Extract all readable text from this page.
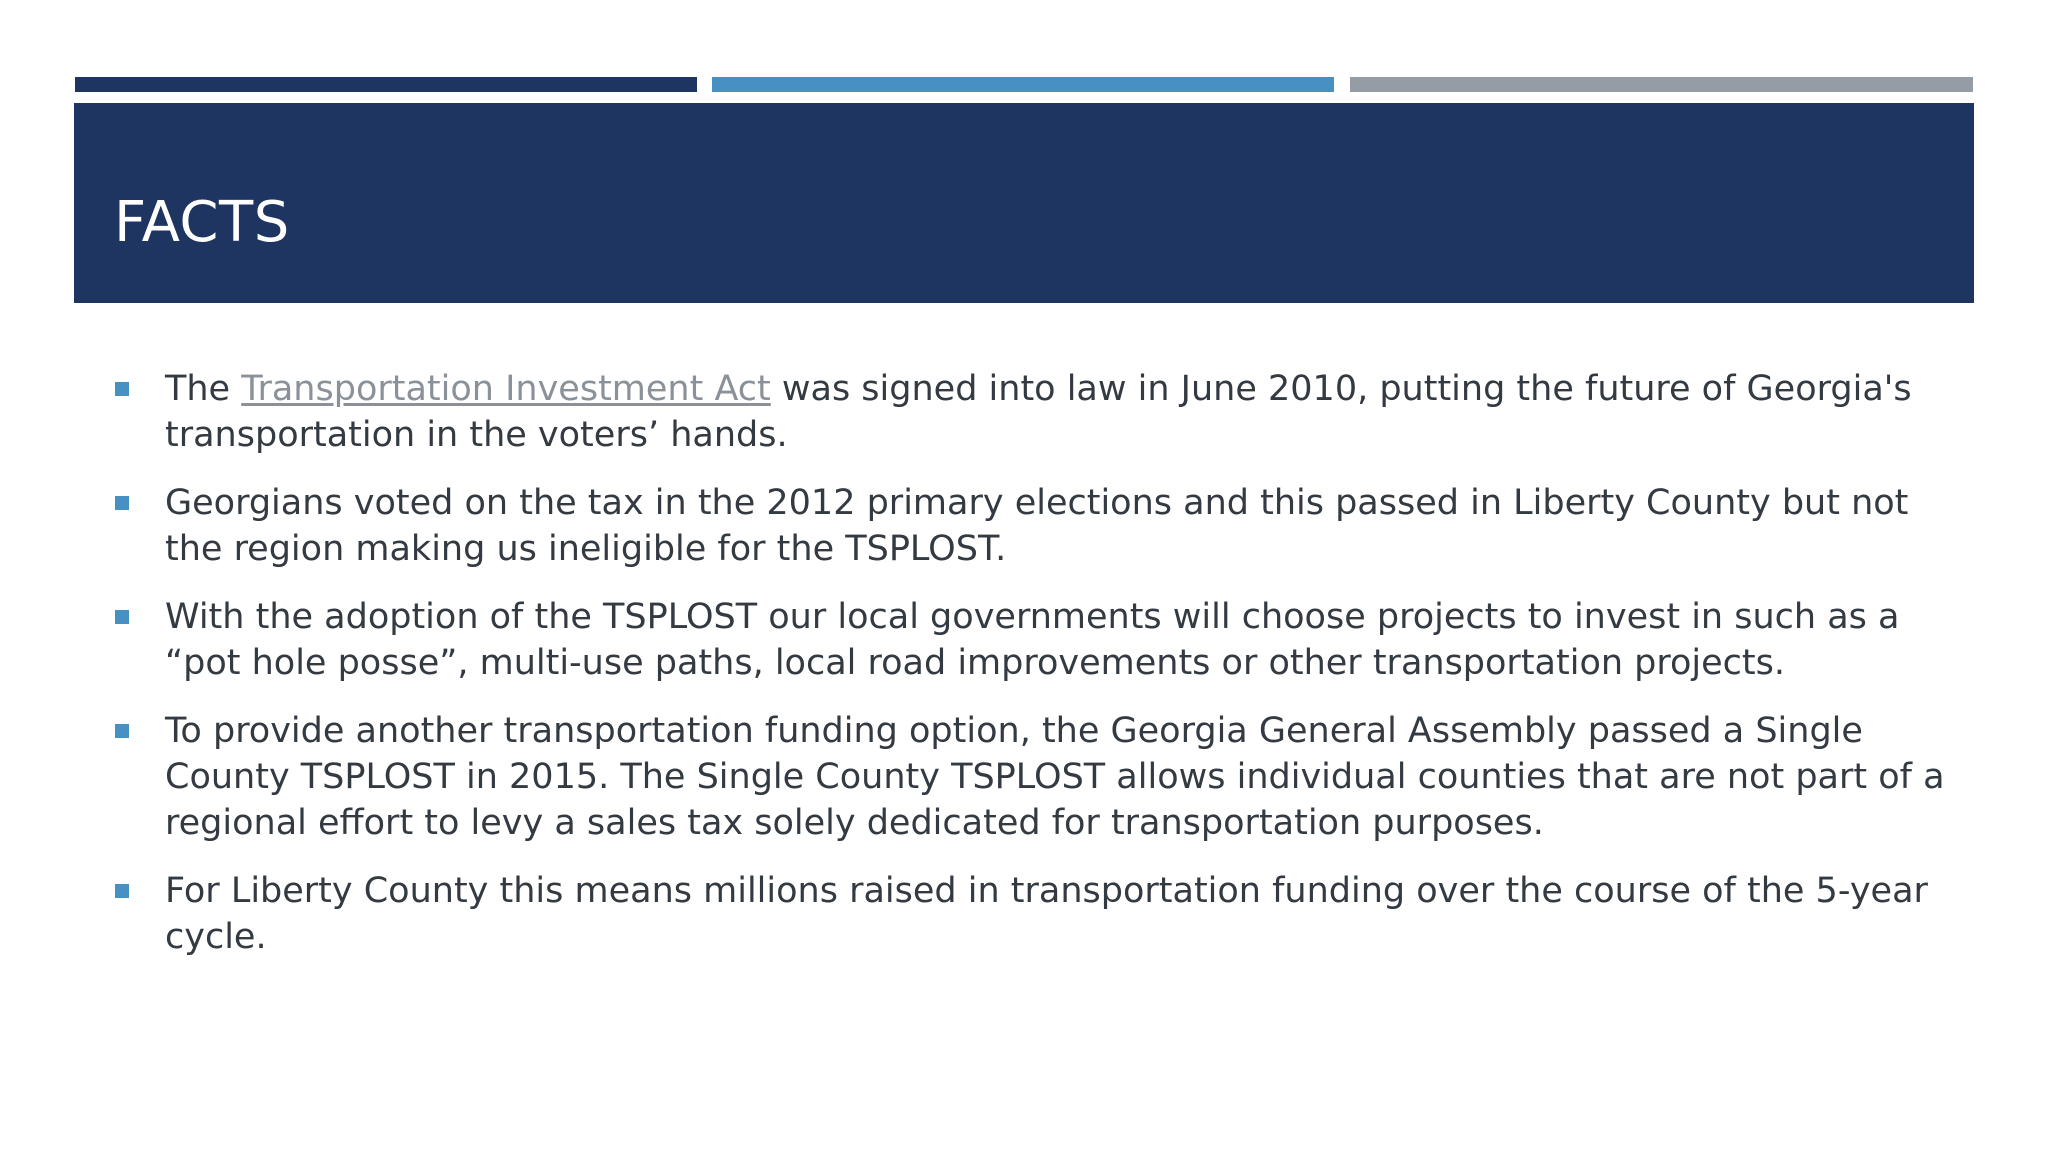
FACTS
The Transportation Investment Act was signed into law in June 2010, putting the future of Georgia's transportation in the voters’ hands.
Georgians voted on the tax in the 2012 primary elections and this passed in Liberty County but not the region making us ineligible for the TSPLOST.
With the adoption of the TSPLOST our local governments will choose projects to invest in such as a “pot hole posse”, multi-use paths, local road improvements or other transportation projects.
To provide another transportation funding option, the Georgia General Assembly passed a Single County TSPLOST in 2015. The Single County TSPLOST allows individual counties that are not part of a regional effort to levy a sales tax solely dedicated for transportation purposes.
For Liberty County this means millions raised in transportation funding over the course of the 5-year cycle.
